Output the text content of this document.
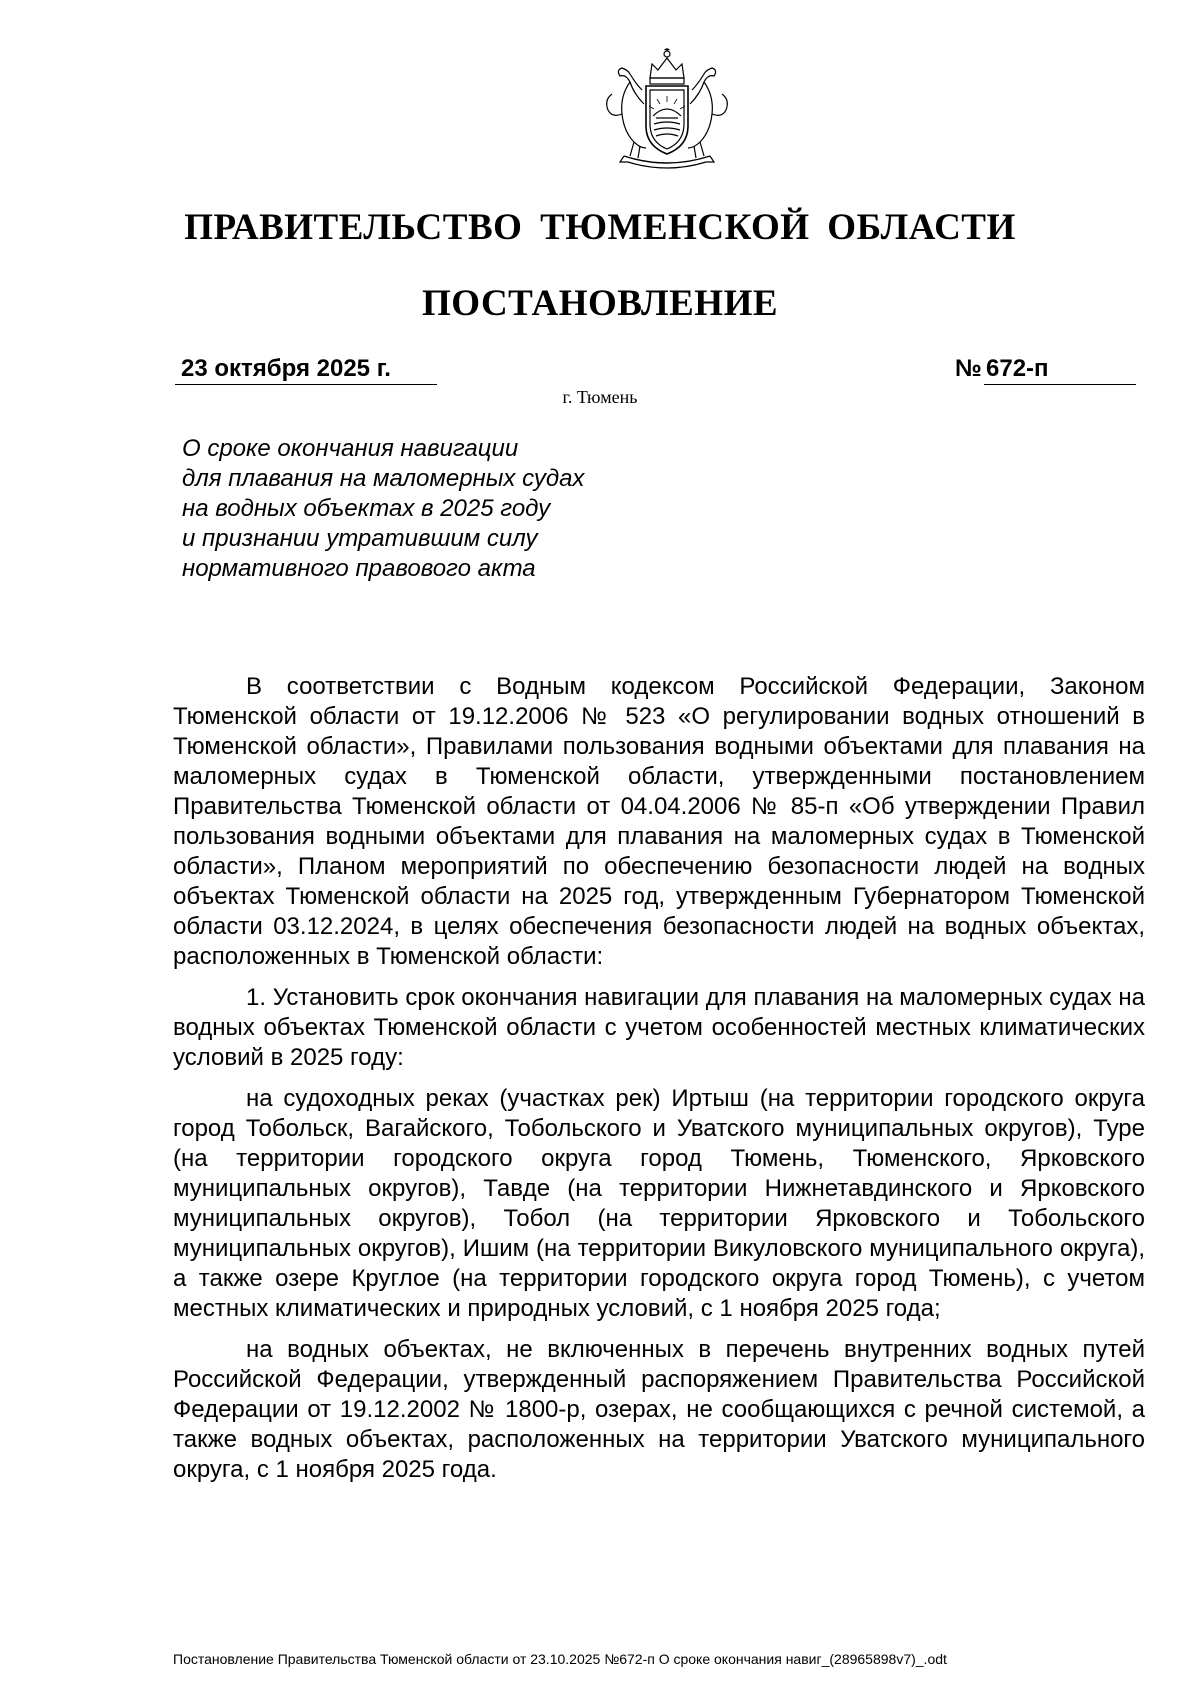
ПРАВИТЕЛЬСТВО ТЮМЕНСКОЙ ОБЛАСТИ
ПОСТАНОВЛЕНИЕ
23 октября 2025 г.	№ 672-п
г. Тюмень
О сроке окончания навигации
для плавания на маломерных судах
на водных объектах в 2025 году
и признании утратившим силу
нормативного правового акта

В соответствии с Водным кодексом Российской Федерации, Законом Тюменской области от 19.12.2006 № 523 «О регулировании водных отношений в Тюменской области», Правилами пользования водными объектами для плавания на маломерных судах в Тюменской области, утвержденными постановлением Правительства Тюменской области от 04.04.2006 № 85-п «Об утверждении Правил пользования водными объектами для плавания на маломерных судах в Тюменской области», Планом мероприятий по обеспечению безопасности людей на водных объектах Тюменской области на 2025 год, утвержденным Губернатором Тюменской области 03.12.2024, в целях обеспечения безопасности людей на водных объектах, расположенных в Тюменской области:

1. Установить срок окончания навигации для плавания на маломерных судах на водных объектах Тюменской области с учетом особенностей местных климатических условий в 2025 году:

на судоходных реках (участках рек) Иртыш (на территории городского округа город Тобольск, Вагайского, Тобольского и Уватского муниципальных округов), Туре (на территории городского округа город Тюмень, Тюменского, Ярковского муниципальных округов), Тавде (на территории Нижнетавдинского и Ярковского муниципальных округов), Тобол (на территории Ярковского и Тобольского муниципальных округов), Ишим (на территории Викуловского муниципального округа), а также озере Круглое (на территории городского округа город Тюмень), с учетом местных климатических и природных условий, с 1 ноября 2025 года;

на водных объектах, не включенных в перечень внутренних водных путей Российской Федерации, утвержденный распоряжением Правительства Российской Федерации от 19.12.2002 № 1800-р, озерах, не сообщающихся с речной системой, а также водных объектах, расположенных на территории Уватского муниципального округа, с 1 ноября 2025 года.

Постановление Правительства Тюменской области от 23.10.2025 №672-п О сроке окончания навиг_(28965898v7)_.odt
